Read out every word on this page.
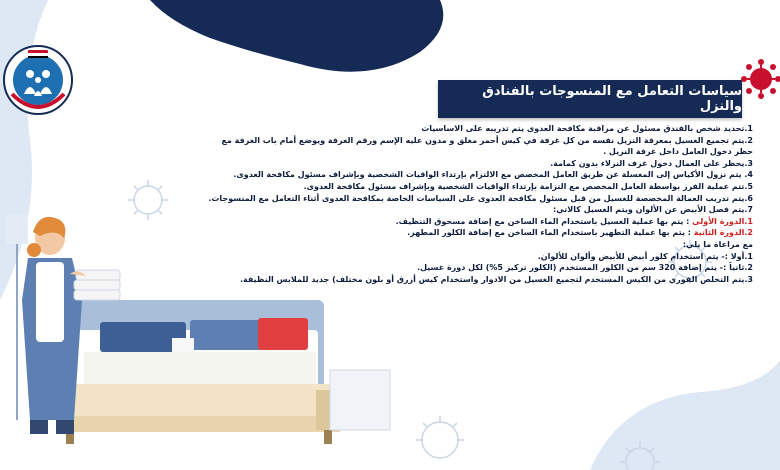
سياسات التعامل مع المنسوجات بالفنادق والنزل

1.تحديد شخص بالفندق مسئول عن مراقبة مكافحة العدوى يتم تدريبه على الاساسيات

2.يتم تجميع الغسيل بمعرفة النزيل نفسه من كل غرفة في كيس أحمر مغلق و مدون عليه الإسم ورقم الغرفة ويوضع أمام باب الغرفة مع حظر دخول العامل داخل غرفة النزيل .

3.يحظر على العمال دخول غرف النزلاء بدون كمامة.

4. يتم نزول الأكياس إلى المغسلة عن طريق العامل المخصص مع الالتزام بإرتداء الواقيات الشخصية وبإشراف مسئول مكافحة العدوى.

5.تتم عملية الفرز بواسطة العامل المخصص مع التزامة بإرتداء الواقيات الشخصية وبإشراف مسئول مكافحة العدوى.

6.يتم تدريب العمالة المخصصة للغسيل من قبل مسئول مكافحة العدوى على السياسات الخاصة بمكافحة العدوى أثناء التعامل مع المنسوجات.

7.يتم فصل الأبيض عن الألوان ويتم الغسيل كالاتي:

1.الدورة الأولى : يتم بها عملية الغسيل باستخدام الماء الساخن مع إضافة مسحوق التنظيف.

2.الدورة الثانية : يتم بها عملية التطهير باستخدام الماء الساخن مع إضافة الكلور المطهر.

مع مراعاة ما يلي:

1.أولا :- يتم استخدام كلور أبيض للأبيض وألوان للألوان.

2.ثانياً :- يتم إضافة 320 سم من الكلور المستخدم (الكلور تركيز 5%) لكل دورة غسيل.

3.يتم التخلص الفوري من الكيس المستخدم لتجميع الغسيل من الادوار واستخدام كيس أزرق أو بلون مختلف) جديد للملابس النظيفة.
